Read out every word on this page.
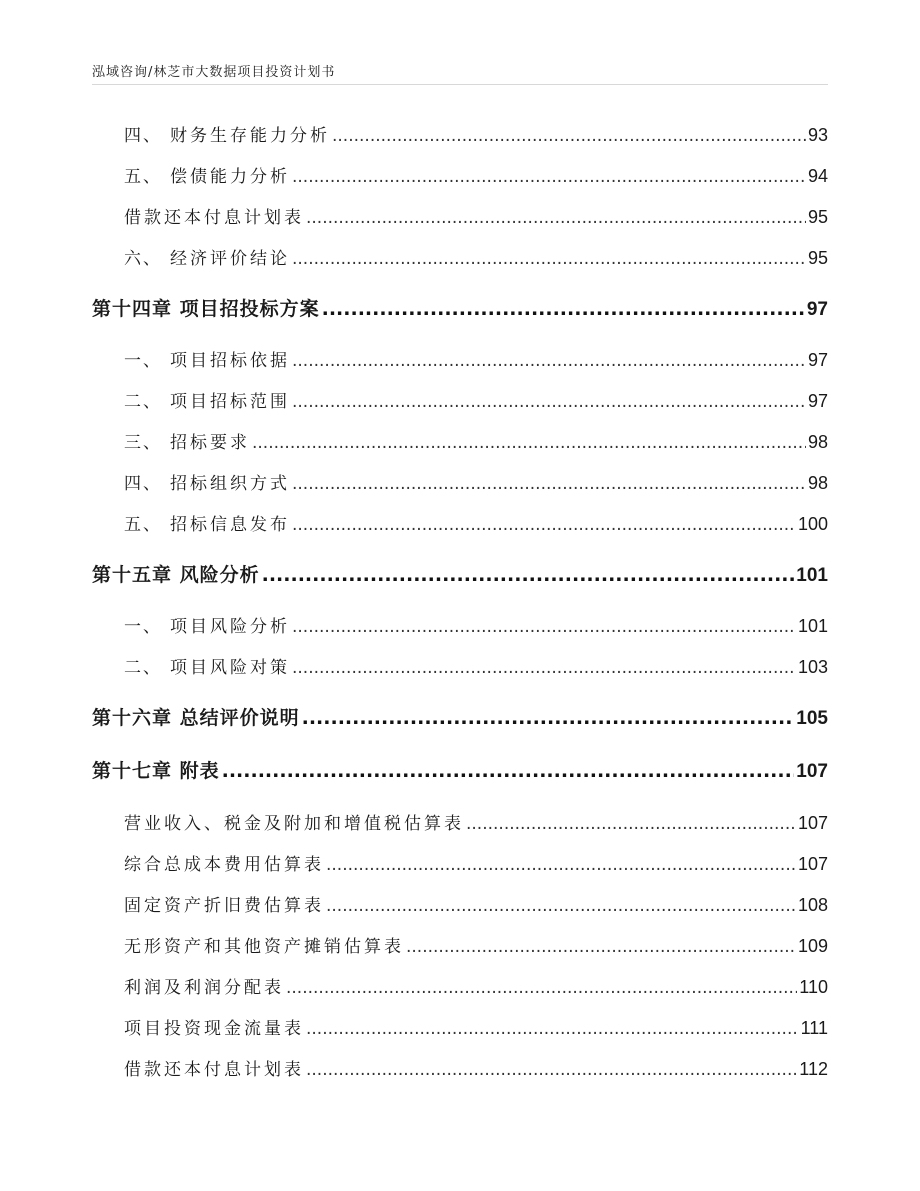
泓域咨询/林芝市大数据项目投资计划书
四、 财务生存能力分析 .....	93
五、 偿债能力分析 .....	94
借款还本付息计划表 .....	95
六、 经济评价结论 .....	95
第十四章 项目招投标方案 .....	97
一、 项目招标依据 .....	97
二、 项目招标范围 .....	97
三、 招标要求 .....	98
四、 招标组织方式 .....	98
五、 招标信息发布 .....	100
第十五章 风险分析 .....	101
一、 项目风险分析 .....	101
二、 项目风险对策 .....	103
第十六章 总结评价说明 .....	105
第十七章 附表 .....	107
营业收入、税金及附加和增值税估算表 .....	107
综合总成本费用估算表 .....	107
固定资产折旧费估算表 .....	108
无形资产和其他资产摊销估算表 .....	109
利润及利润分配表 .....	110
项目投资现金流量表 .....	111
借款还本付息计划表 .....	112
